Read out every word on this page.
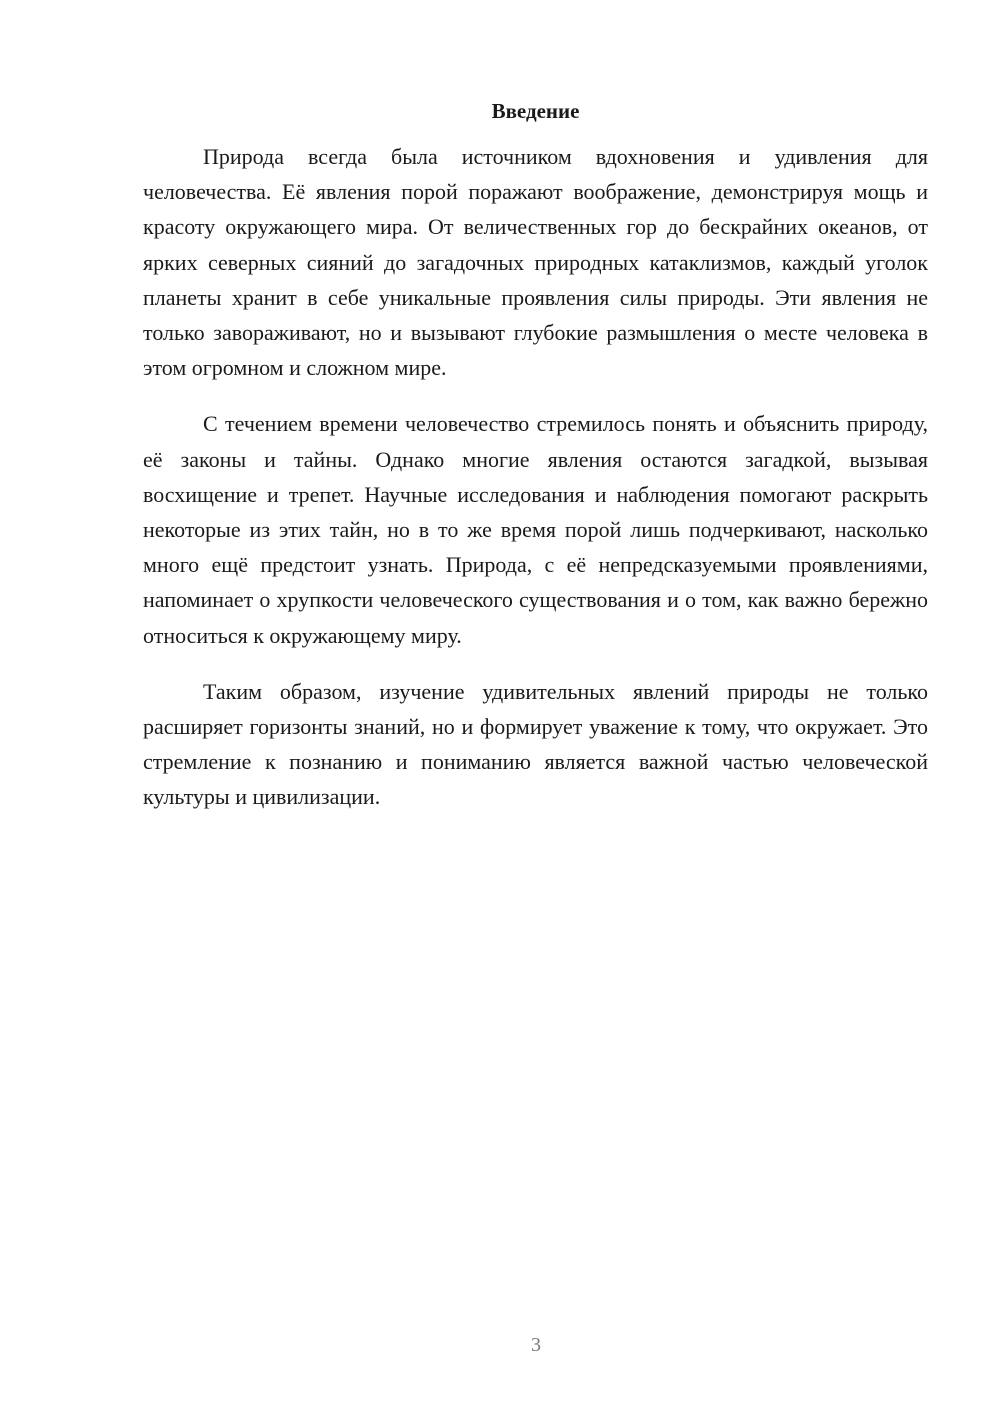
Введение

Природа всегда была источником вдохновения и удивления для человечества. Её явления порой поражают воображение, демонстрируя мощь и красоту окружающего мира. От величественных гор до бескрайних океанов, от ярких северных сияний до загадочных природных катаклизмов, каждый уголок планеты хранит в себе уникальные проявления силы природы. Эти явления не только завораживают, но и вызывают глубокие размышления о месте человека в этом огромном и сложном мире.

С течением времени человечество стремилось понять и объяснить природу, её законы и тайны. Однако многие явления остаются загадкой, вызывая восхищение и трепет. Научные исследования и наблюдения помогают раскрыть некоторые из этих тайн, но в то же время порой лишь подчеркивают, насколько много ещё предстоит узнать. Природа, с её непредсказуемыми проявлениями, напоминает о хрупкости человеческого существования и о том, как важно бережно относиться к окружающему миру.

Таким образом, изучение удивительных явлений природы не только расширяет горизонты знаний, но и формирует уважение к тому, что окружает. Это стремление к познанию и пониманию является важной частью человеческой культуры и цивилизации.

3
